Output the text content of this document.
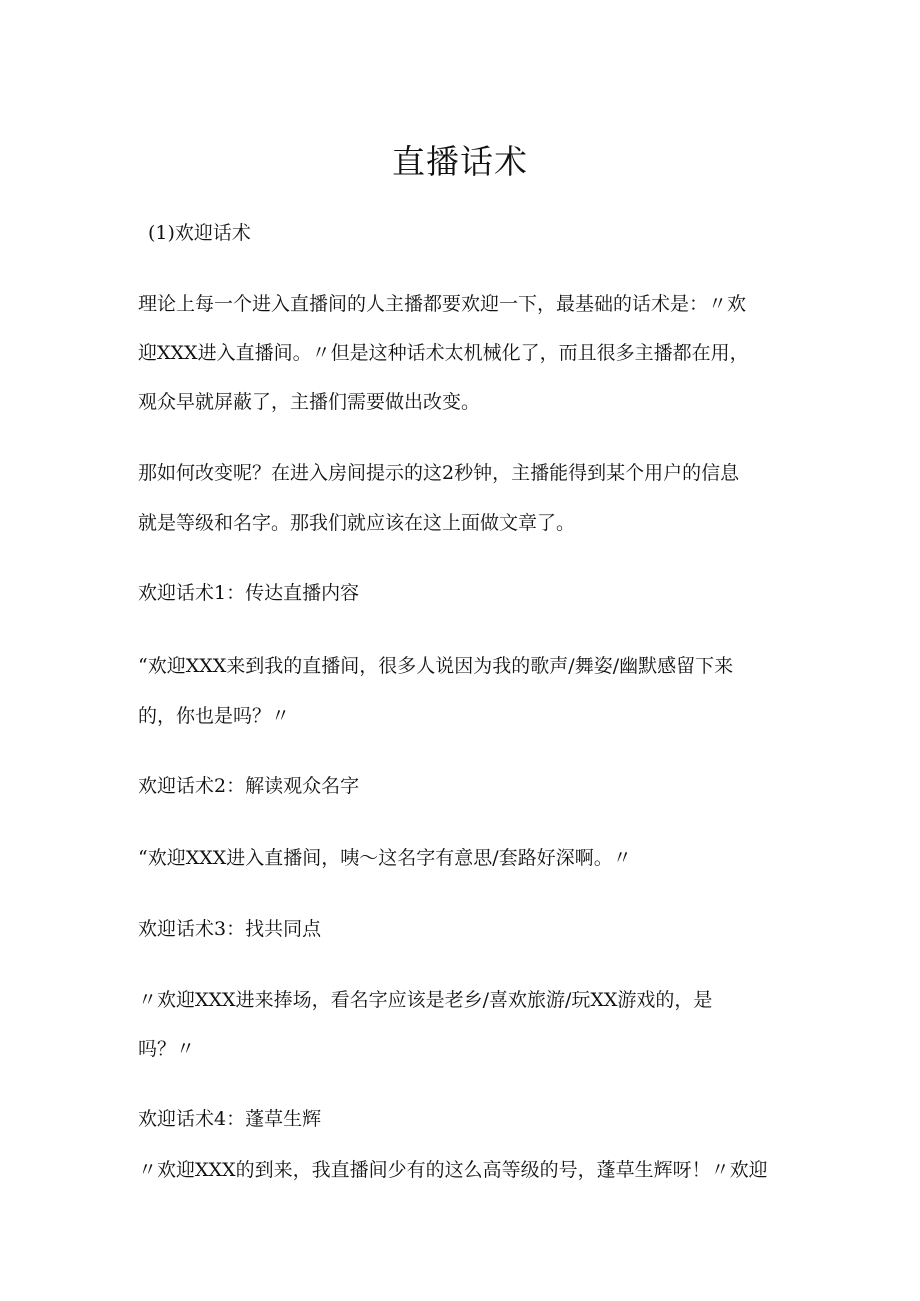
直播话术
(1)欢迎话术
理论上每一个进入直播间的人主播都要欢迎一下，最基础的话术是：〃欢
迎XXX进入直播间。〃但是这种话术太机械化了，而且很多主播都在用，
观众早就屏蔽了，主播们需要做出改变。
那如何改变呢？在进入房间提示的这2秒钟，主播能得到某个用户的信息
就是等级和名字。那我们就应该在这上面做文章了。
欢迎话术1：传达直播内容
“欢迎XXX来到我的直播间，很多人说因为我的歌声/舞姿/幽默感留下来
的，你也是吗？〃
欢迎话术2：解读观众名字
“欢迎XXX进入直播间，咦～这名字有意思/套路好深啊。〃
欢迎话术3：找共同点
〃欢迎XXX进来捧场，看名字应该是老乡/喜欢旅游/玩XX游戏的，是
吗？〃
欢迎话术4：蓬草生辉
〃欢迎XXX的到来，我直播间少有的这么高等级的号，蓬草生辉呀！〃欢迎
